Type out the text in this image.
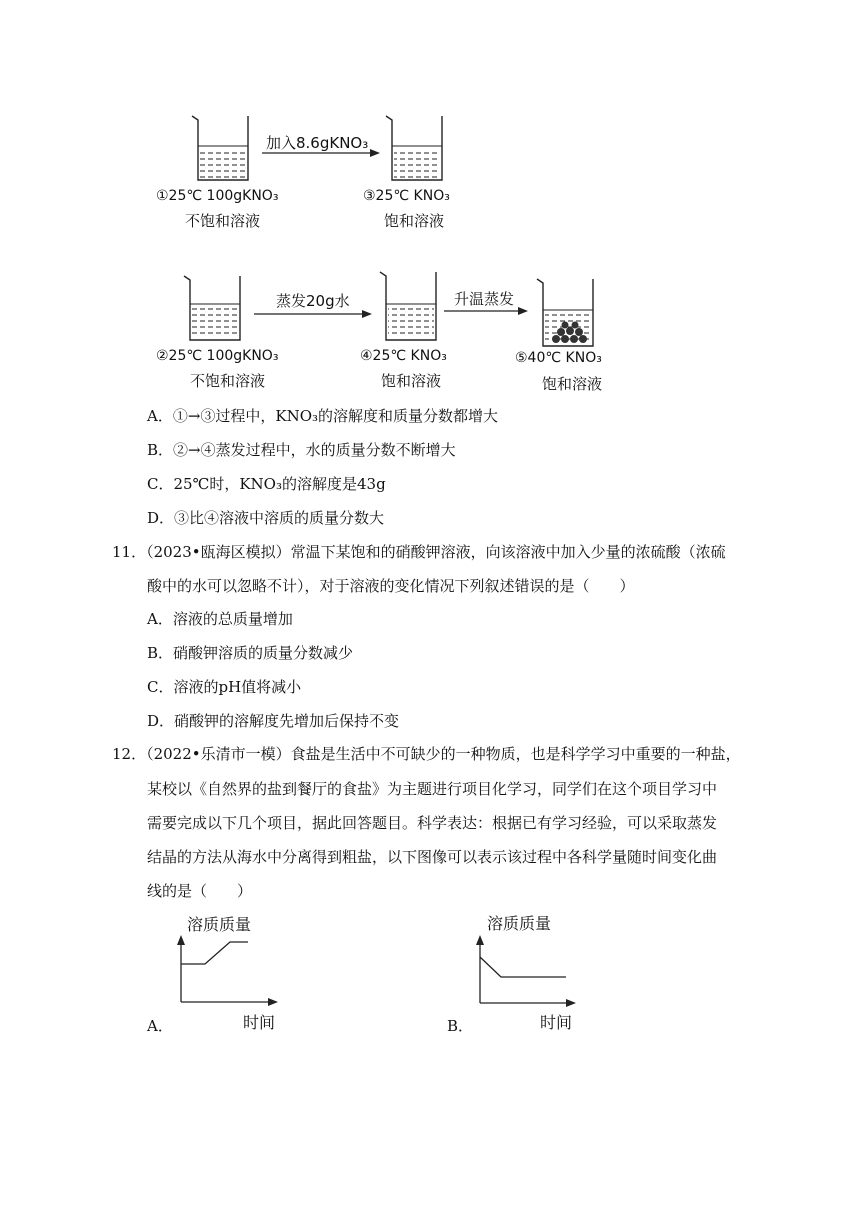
加入8.6gKNO₃
①25℃ 100gKNO₃
不饱和溶液
③25℃ KNO₃
饱和溶液
蒸发20g水	升温蒸发
②25℃ 100gKNO₃
不饱和溶液
④25℃ KNO₃
饱和溶液
⑤40℃ KNO₃
饱和溶液
A．①→③过程中，KNO₃的溶解度和质量分数都增大
B．②→④蒸发过程中，水的质量分数不断增大
C．25℃时，KNO₃的溶解度是43g
D．③比④溶液中溶质的质量分数大
11．（2023•瓯海区模拟）常温下某饱和的硝酸钾溶液，向该溶液中加入少量的浓硫酸（浓硫
酸中的水可以忽略不计），对于溶液的变化情况下列叙述错误的是（　　）
A．溶液的总质量增加
B．硝酸钾溶质的质量分数减少
C．溶液的pH值将减小
D．硝酸钾的溶解度先增加后保持不变
12．（2022•乐清市一模）食盐是生活中不可缺少的一种物质，也是科学学习中重要的一种盐，
某校以《自然界的盐到餐厅的食盐》为主题进行项目化学习，同学们在这个项目学习中
需要完成以下几个项目，据此回答题目。科学表达：根据已有学习经验，可以采取蒸发
结晶的方法从海水中分离得到粗盐，以下图像可以表示该过程中各科学量随时间变化曲
线的是（　　）
溶质质量
时间
A．
溶质质量
时间
B．
